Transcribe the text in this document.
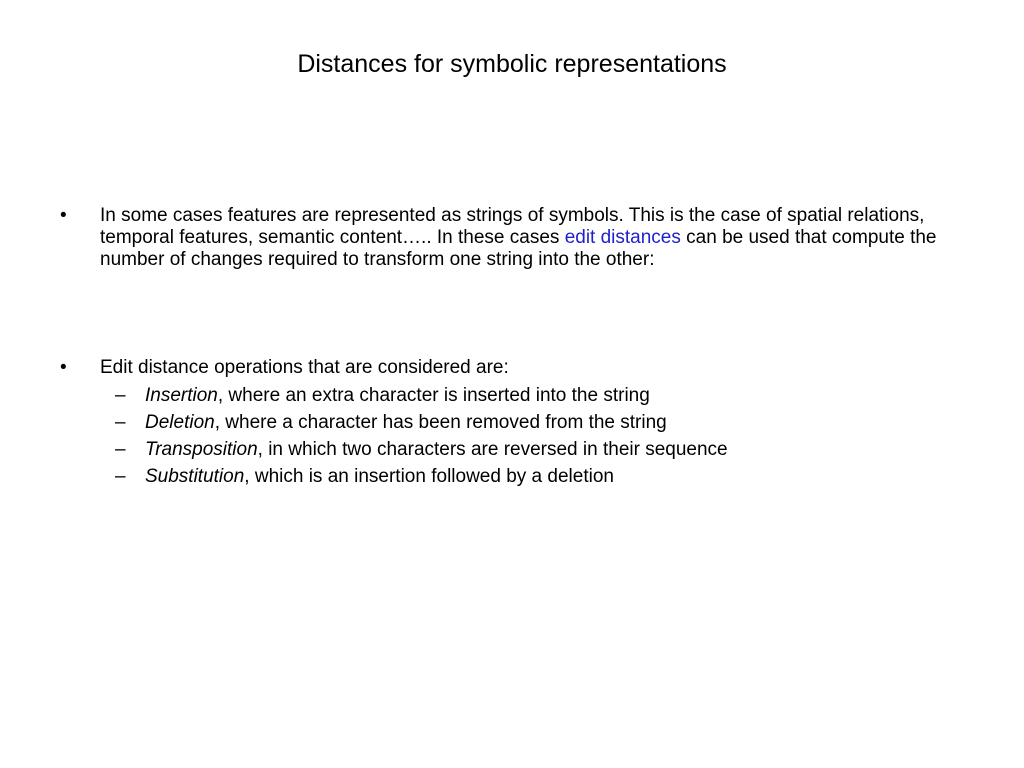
Distances for symbolic representations
•	In some cases features are represented as strings of symbols. This is the case of spatial relations, temporal features, semantic content….. In these cases edit distances can be used that compute the number of changes required to transform one string into the other:
•	Edit distance operations that are considered are:
– Insertion, where an extra character is inserted into the string
– Deletion, where a character has been removed from the string
– Transposition, in which two characters are reversed in their sequence
– Substitution, which is an insertion followed by a deletion
